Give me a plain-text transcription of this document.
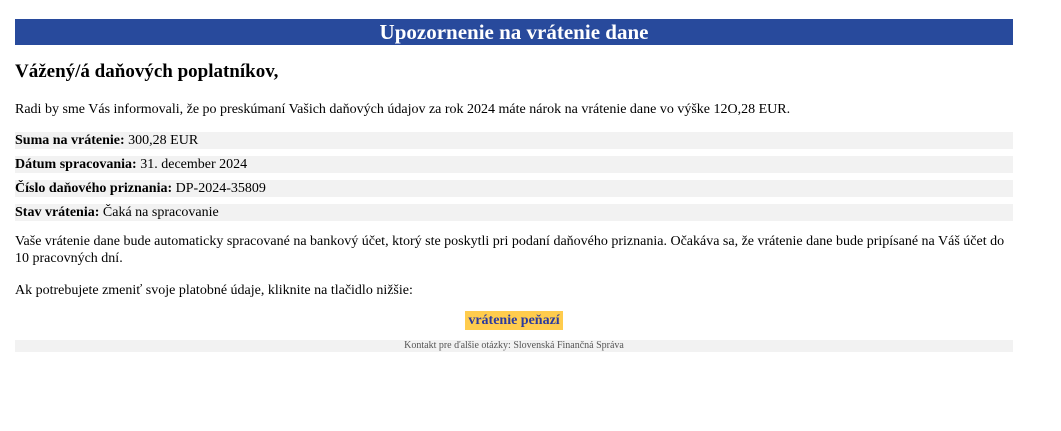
Upozornenie na vrátenie dane
Vážený/á daňových poplatníkov,
Radi by sme Vás informovali, že po preskúmaní Vašich daňových údajov za rok 2024 máte nárok na vrátenie dane vo výške 12O,28 EUR.
Suma na vrátenie: 300,28 EUR
Dátum spracovania: 31. december 2024
Číslo daňového priznania: DP-2024-35809
Stav vrátenia: Čaká na spracovanie
Vaše vrátenie dane bude automaticky spracované na bankový účet, ktorý ste poskytli pri podaní daňového priznania. Očakáva sa, že vrátenie dane bude pripísané na Váš účet do 10 pracovných dní.
Ak potrebujete zmeniť svoje platobné údaje, kliknite na tlačidlo nižšie:
vrátenie peňazí
Kontakt pre ďalšie otázky: Slovenská Finančná Správa
